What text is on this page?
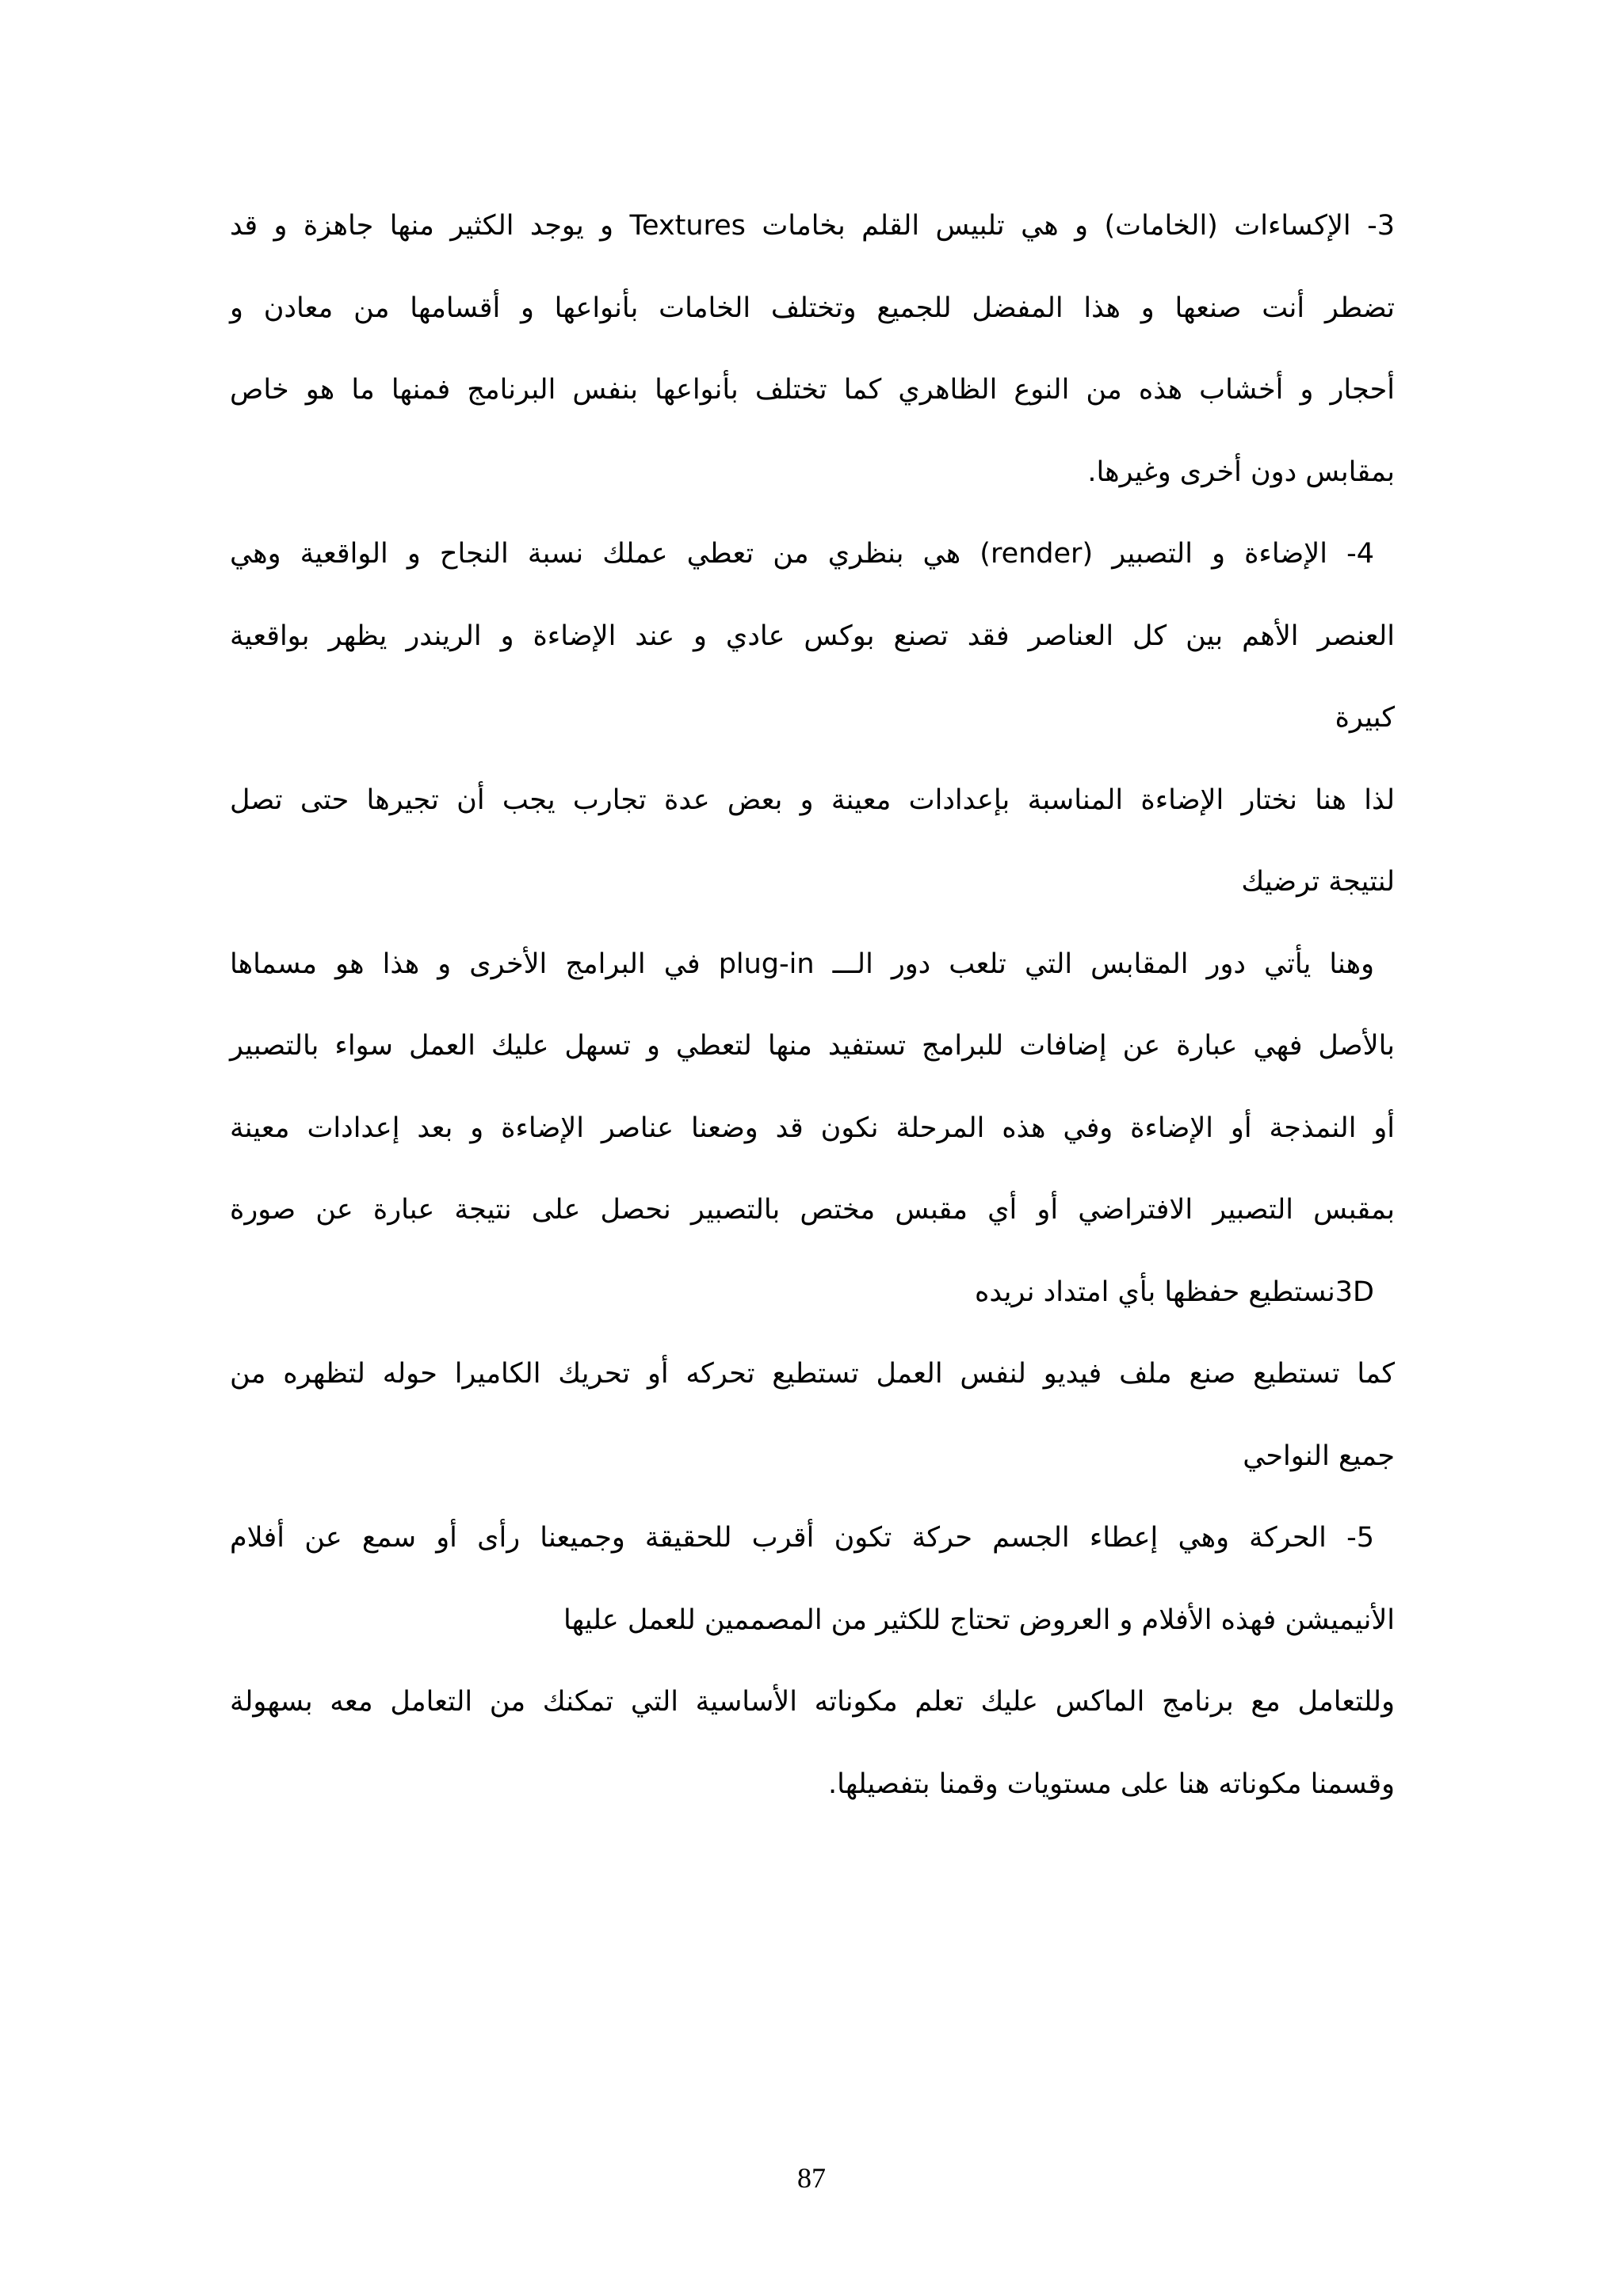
3- الإكساءات (الخامات) و هي تلبيس القلم بخامات Textures و يوجد الكثير منها جاهزة و قد
تضطر أنت صنعها و هذا المفضل للجميع وتختلف الخامات بأنواعها و أقسامها من معادن و
أحجار و أخشاب هذه من النوع الظاهري كما تختلف بأنواعها بنفس البرنامج فمنها ما هو خاص
بمقابس دون أخرى وغيرها.
4- الإضاءة و التصبير (render) هي بنظري من تعطي عملك نسبة النجاح و الواقعية وهي
العنصر الأهم بين كل العناصر فقد تصنع بوكس عادي و عند الإضاءة و الريندر يظهر بواقعية
كبيرة
لذا هنا نختار الإضاءة المناسبة بإعدادات معينة و بعض عدة تجارب يجب أن تجيرها حتى تصل
لنتيجة ترضيك
وهنا يأتي دور المقابس التي تلعب دور الـــ plug-in في البرامج الأخرى و هذا هو مسماها
بالأصل فهي عبارة عن إضافات للبرامج تستفيد منها لتعطي و تسهل عليك العمل سواء بالتصبير
أو النمذجة أو الإضاءة وفي هذه المرحلة نكون قد وضعنا عناصر الإضاءة و بعد إعدادات معينة
بمقبس التصبير الافتراضي أو أي مقبس مختص بالتصبير نحصل على نتيجة عبارة عن صورة
3Dنستطيع حفظها بأي امتداد نريده
كما تستطيع صنع ملف فيديو لنفس العمل تستطيع تحركه أو تحريك الكاميرا حوله لتظهره من
جميع النواحي
5- الحركة وهي إعطاء الجسم حركة تكون أقرب للحقيقة وجميعنا رأى أو سمع عن أفلام
الأنيميشن فهذه الأفلام و العروض تحتاج للكثير من المصممين للعمل عليها
وللتعامل مع برنامج الماكس عليك تعلم مكوناته الأساسية التي تمكنك من التعامل معه بسهولة
وقسمنا مكوناته هنا على مستويات وقمنا بتفصيلها.
87
